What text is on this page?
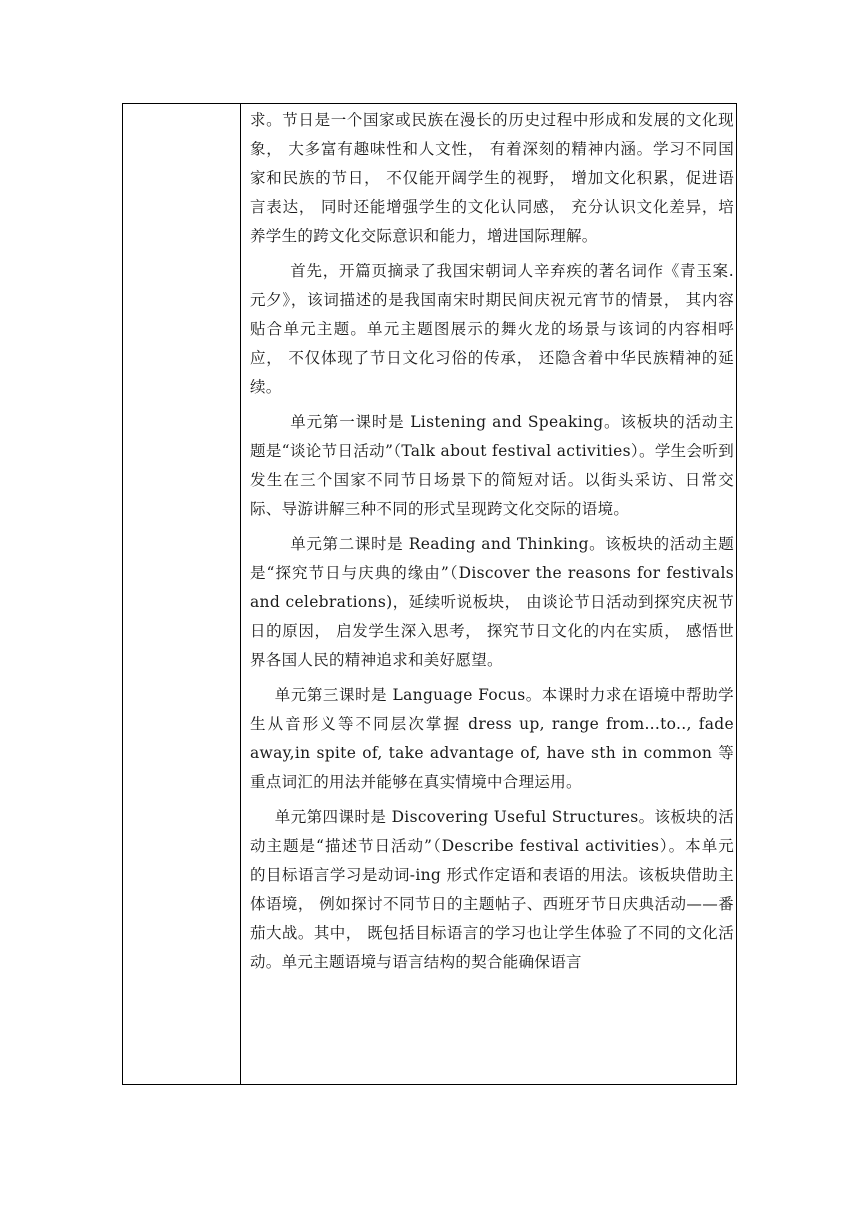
求。节日是一个国家或民族在漫长的历史过程中形成和发展的文化现象， 大多富有趣味性和人文性， 有着深刻的精神内涵。学习不同国家和民族的节日， 不仅能开阔学生的视野， 增加文化积累，促进语言表达， 同时还能增强学生的文化认同感， 充分认识文化差异，培养学生的跨文化交际意识和能力，增进国际理解。

首先，开篇页摘录了我国宋朝词人辛弃疾的著名词作《青玉案. 元夕》，该词描述的是我国南宋时期民间庆祝元宵节的情景， 其内容贴合单元主题。单元主题图展示的舞火龙的场景与该词的内容相呼应， 不仅体现了节日文化习俗的传承， 还隐含着中华民族精神的延续。

单元第一课时是 Listening and Speaking。该板块的活动主题是“谈论节日活动”（Talk about festival activities）。学生会听到发生在三个国家不同节日场景下的简短对话。以街头采访、日常交际、导游讲解三种不同的形式呈现跨文化交际的语境。

单元第二课时是 Reading and Thinking。该板块的活动主题是“探究节日与庆典的缘由”（Discover the reasons for festivals and celebrations)，延续听说板块， 由谈论节日活动到探究庆祝节日的原因， 启发学生深入思考， 探究节日文化的内在实质， 感悟世界各国人民的精神追求和美好愿望。

单元第三课时是 Language Focus。本课时力求在语境中帮助学生从音形义等不同层次掌握 dress up, range from...to.., fade away,in spite of, take advantage of, have sth in common 等重点词汇的用法并能够在真实情境中合理运用。

单元第四课时是 Discovering Useful Structures。该板块的活动主题是“描述节日活动”（Describe festival activities）。本单元的目标语言学习是动词-ing 形式作定语和表语的用法。该板块借助主体语境， 例如探讨不同节日的主题帖子、西班牙节日庆典活动——番茄大战。其中， 既包括目标语言的学习也让学生体验了不同的文化活动。单元主题语境与语言结构的契合能确保语言
